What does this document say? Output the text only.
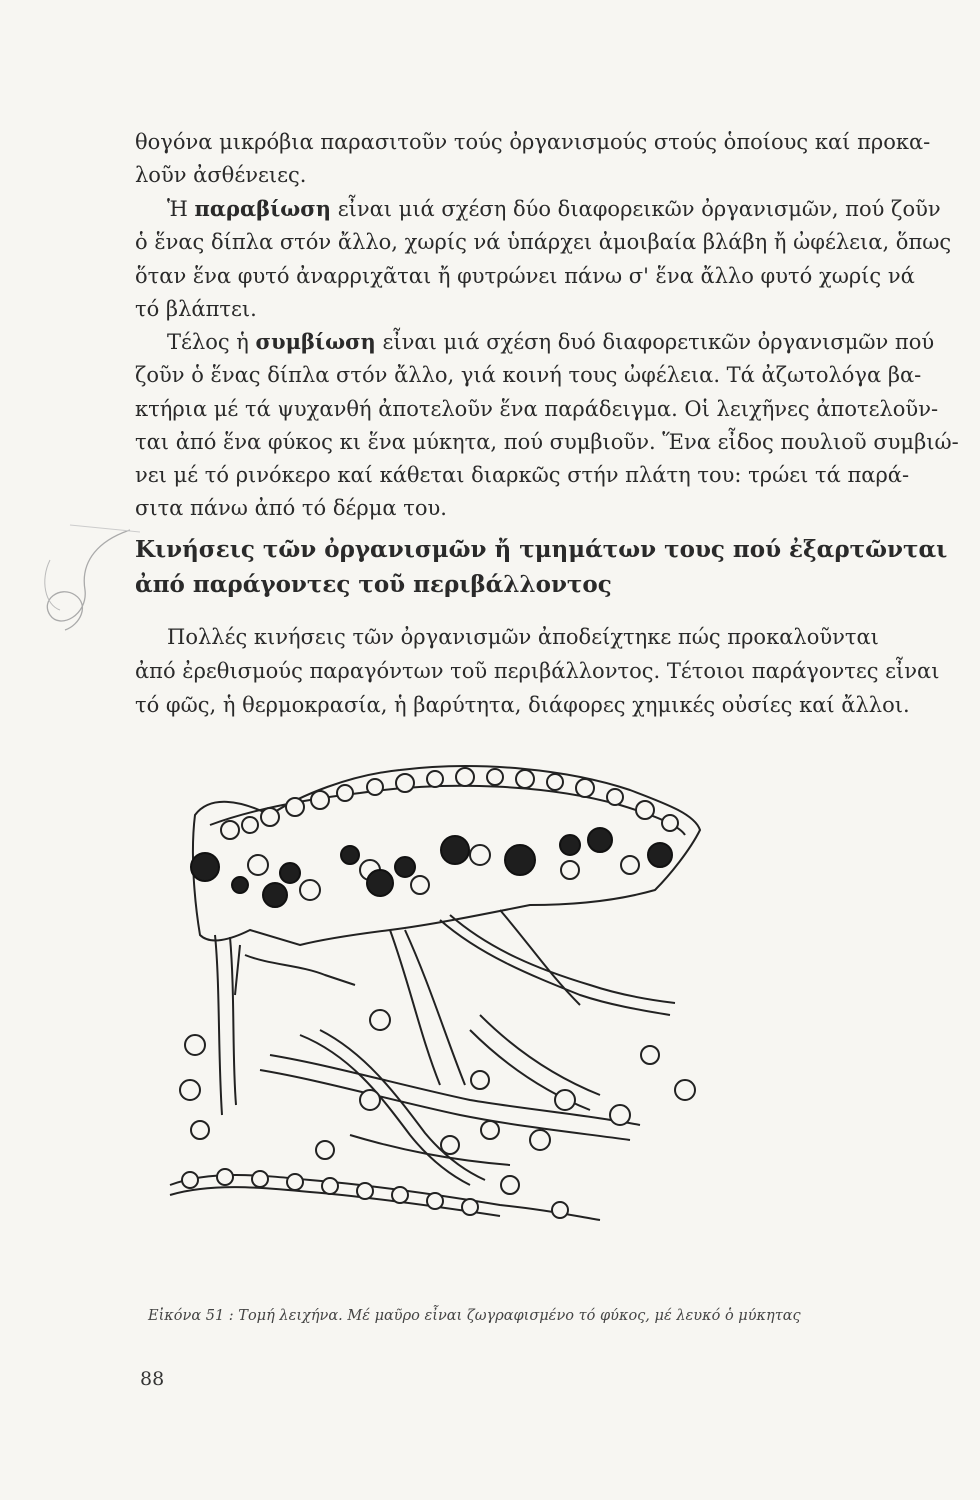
θογόνα μικρόβια παρασιτοῦν τούς ὀργανισμούς στούς ὁποίους καί προκα-
λοῦν ἀσθένειες.

Ἡ παραβίωση εἶναι μιά σχέση δύο διαφορεικῶν ὀργανισμῶν, πού ζοῦν
ὁ ἕνας δίπλα στόν ἄλλο, χωρίς νά ὑπάρχει ἀμοιβαία βλάβη ἤ ὠφέλεια, ὅπως
ὅταν ἕνα φυτό ἀναρριχᾶται ἤ φυτρώνει πάνω σ' ἕνα ἄλλο φυτό χωρίς νά
τό βλάπτει.

Τέλος ἡ συμβίωση εἶναι μιά σχέση δυό διαφορετικῶν ὀργανισμῶν πού
ζοῦν ὁ ἕνας δίπλα στόν ἄλλο, γιά κοινή τους ὠφέλεια. Τά ἀζωτολόγα βα-
κτήρια μέ τά ψυχανθή ἀποτελοῦν ἕνα παράδειγμα. Οἱ λειχῆνες ἀποτελοῦν-
ται ἀπό ἕνα φύκος κι ἕνα μύκητα, πού συμβιοῦν. Ἕνα εἶδος πουλιοῦ συμβιώ-
νει μέ τό ρινόκερο καί κάθεται διαρκῶς στήν πλάτη του: τρώει τά παρά-
σιτα πάνω ἀπό τό δέρμα του.

Κινήσεις τῶν ὀργανισμῶν ἤ τμημάτων τους πού ἐξαρτῶνται
ἀπό παράγοντες τοῦ περιβάλλοντος

Πολλές κινήσεις τῶν ὀργανισμῶν ἀποδείχτηκε πώς προκαλοῦνται
ἀπό ἐρεθισμούς παραγόντων τοῦ περιβάλλοντος. Τέτοιοι παράγοντες εἶναι
τό φῶς, ἡ θερμοκρασία, ἡ βαρύτητα, διάφορες χημικές οὐσίες καί ἄλλοι.

Εἰκόνα 51 : Τομή λειχήνα. Μέ μαῦρο εἶναι ζωγραφισμένο τό φύκος, μέ λευκό ὁ μύκητας
88
